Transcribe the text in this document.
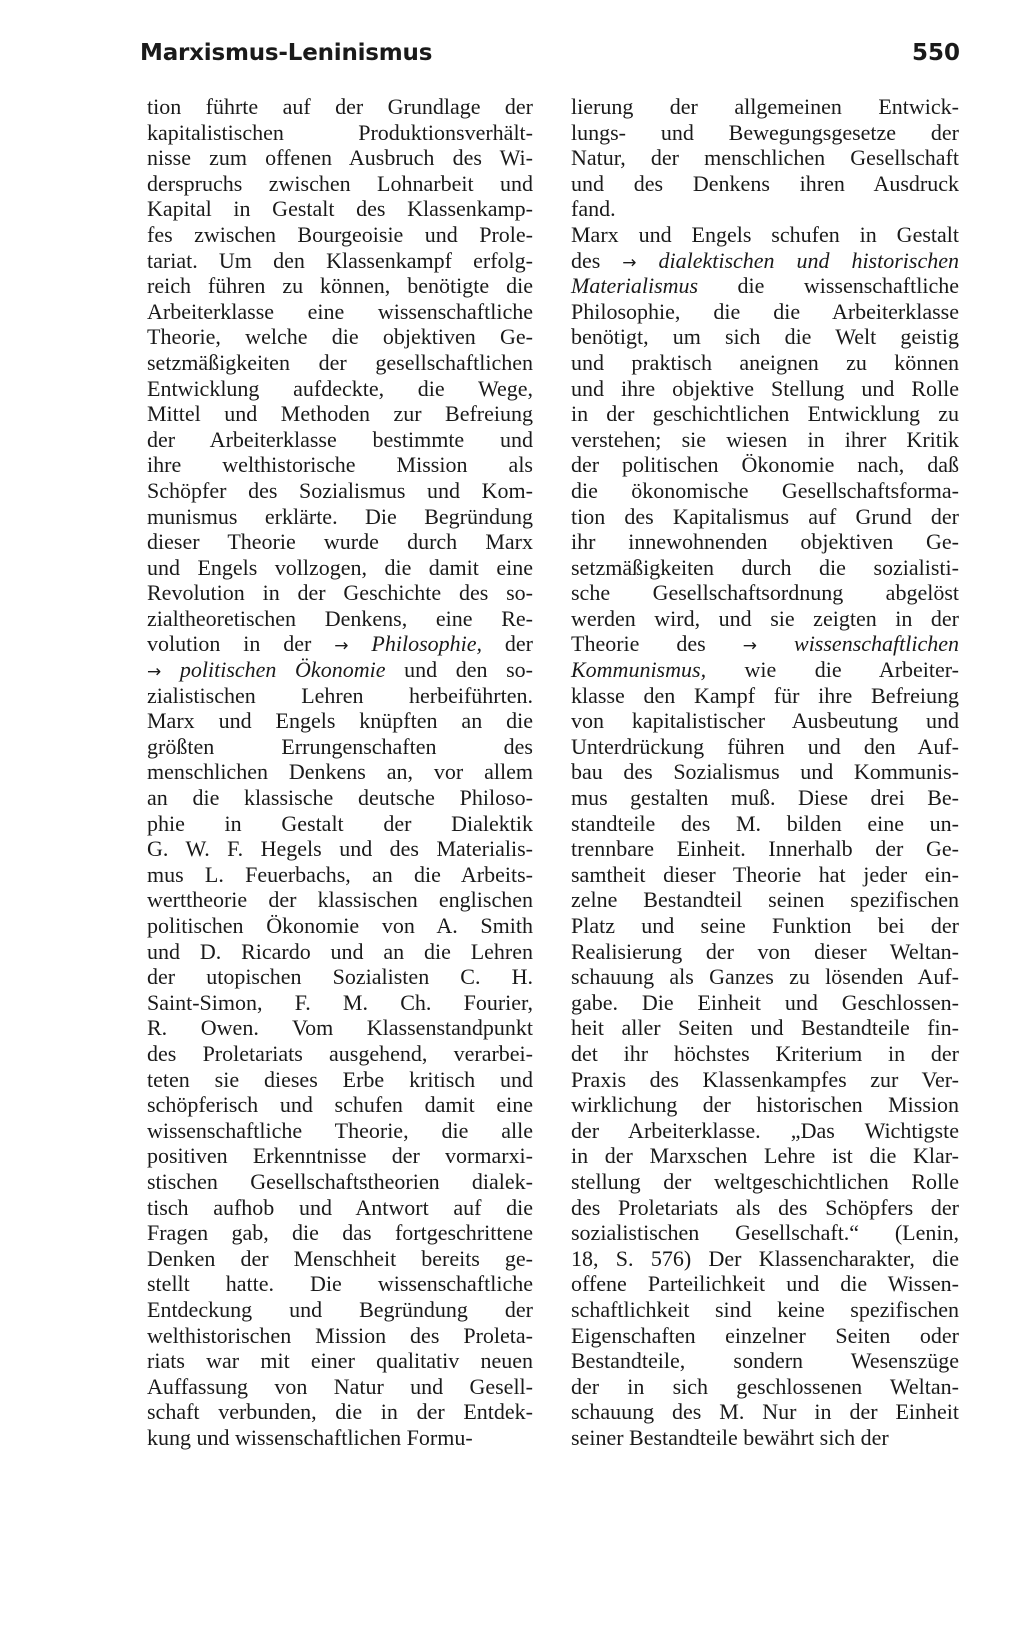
Marxismus-Leninismus	550
tion führte auf der Grundlage der
kapitalistischen Produktionsverhält-
nisse zum offenen Ausbruch des Wi-
derspruchs zwischen Lohnarbeit und
Kapital in Gestalt des Klassenkamp-
fes zwischen Bourgeoisie und Prole-
tariat. Um den Klassenkampf erfolg-
reich führen zu können, benötigte die
Arbeiterklasse eine wissenschaftliche
Theorie, welche die objektiven Ge-
setzmäßigkeiten der gesellschaftlichen
Entwicklung aufdeckte, die Wege,
Mittel und Methoden zur Befreiung
der Arbeiterklasse bestimmte und
ihre welthistorische Mission als
Schöpfer des Sozialismus und Kom-
munismus erklärte. Die Begründung
dieser Theorie wurde durch Marx
und Engels vollzogen, die damit eine
Revolution in der Geschichte des so-
zialtheoretischen Denkens, eine Re-
volution in der → Philosophie, der
→ politischen Ökonomie und den so-
zialistischen Lehren herbeiführten.
Marx und Engels knüpften an die
größten Errungenschaften des
menschlichen Denkens an, vor allem
an die klassische deutsche Philoso-
phie in Gestalt der Dialektik
G. W. F. Hegels und des Materialis-
mus L. Feuerbachs, an die Arbeits-
werttheorie der klassischen englischen
politischen Ökonomie von A. Smith
und D. Ricardo und an die Lehren
der utopischen Sozialisten C. H.
Saint-Simon, F. M. Ch. Fourier,
R. Owen. Vom Klassenstandpunkt
des Proletariats ausgehend, verarbei-
teten sie dieses Erbe kritisch und
schöpferisch und schufen damit eine
wissenschaftliche Theorie, die alle
positiven Erkenntnisse der vormarxi-
stischen Gesellschaftstheorien dialek-
tisch aufhob und Antwort auf die
Fragen gab, die das fortgeschrittene
Denken der Menschheit bereits ge-
stellt hatte. Die wissenschaftliche
Entdeckung und Begründung der
welthistorischen Mission des Proleta-
riats war mit einer qualitativ neuen
Auffassung von Natur und Gesell-
schaft verbunden, die in der Entdek-
kung und wissenschaftlichen Formu-
lierung der allgemeinen Entwick-
lungs- und Bewegungsgesetze der
Natur, der menschlichen Gesellschaft
und des Denkens ihren Ausdruck
fand.
Marx und Engels schufen in Gestalt
des → dialektischen und historischen
Materialismus die wissenschaftliche
Philosophie, die die Arbeiterklasse
benötigt, um sich die Welt geistig
und praktisch aneignen zu können
und ihre objektive Stellung und Rolle
in der geschichtlichen Entwicklung zu
verstehen; sie wiesen in ihrer Kritik
der politischen Ökonomie nach, daß
die ökonomische Gesellschaftsforma-
tion des Kapitalismus auf Grund der
ihr innewohnenden objektiven Ge-
setzmäßigkeiten durch die sozialisti-
sche Gesellschaftsordnung abgelöst
werden wird, und sie zeigten in der
Theorie des → wissenschaftlichen
Kommunismus, wie die Arbeiter-
klasse den Kampf für ihre Befreiung
von kapitalistischer Ausbeutung und
Unterdrückung führen und den Auf-
bau des Sozialismus und Kommunis-
mus gestalten muß. Diese drei Be-
standteile des M. bilden eine un-
trennbare Einheit. Innerhalb der Ge-
samtheit dieser Theorie hat jeder ein-
zelne Bestandteil seinen spezifischen
Platz und seine Funktion bei der
Realisierung der von dieser Weltan-
schauung als Ganzes zu lösenden Auf-
gabe. Die Einheit und Geschlossen-
heit aller Seiten und Bestandteile fin-
det ihr höchstes Kriterium in der
Praxis des Klassenkampfes zur Ver-
wirklichung der historischen Mission
der Arbeiterklasse. „Das Wichtigste
in der Marxschen Lehre ist die Klar-
stellung der weltgeschichtlichen Rolle
des Proletariats als des Schöpfers der
sozialistischen Gesellschaft.“ (Lenin,
18, S. 576) Der Klassencharakter, die
offene Parteilichkeit und die Wissen-
schaftlichkeit sind keine spezifischen
Eigenschaften einzelner Seiten oder
Bestandteile, sondern Wesenszüge
der in sich geschlossenen Weltan-
schauung des M. Nur in der Einheit
seiner Bestandteile bewährt sich der
